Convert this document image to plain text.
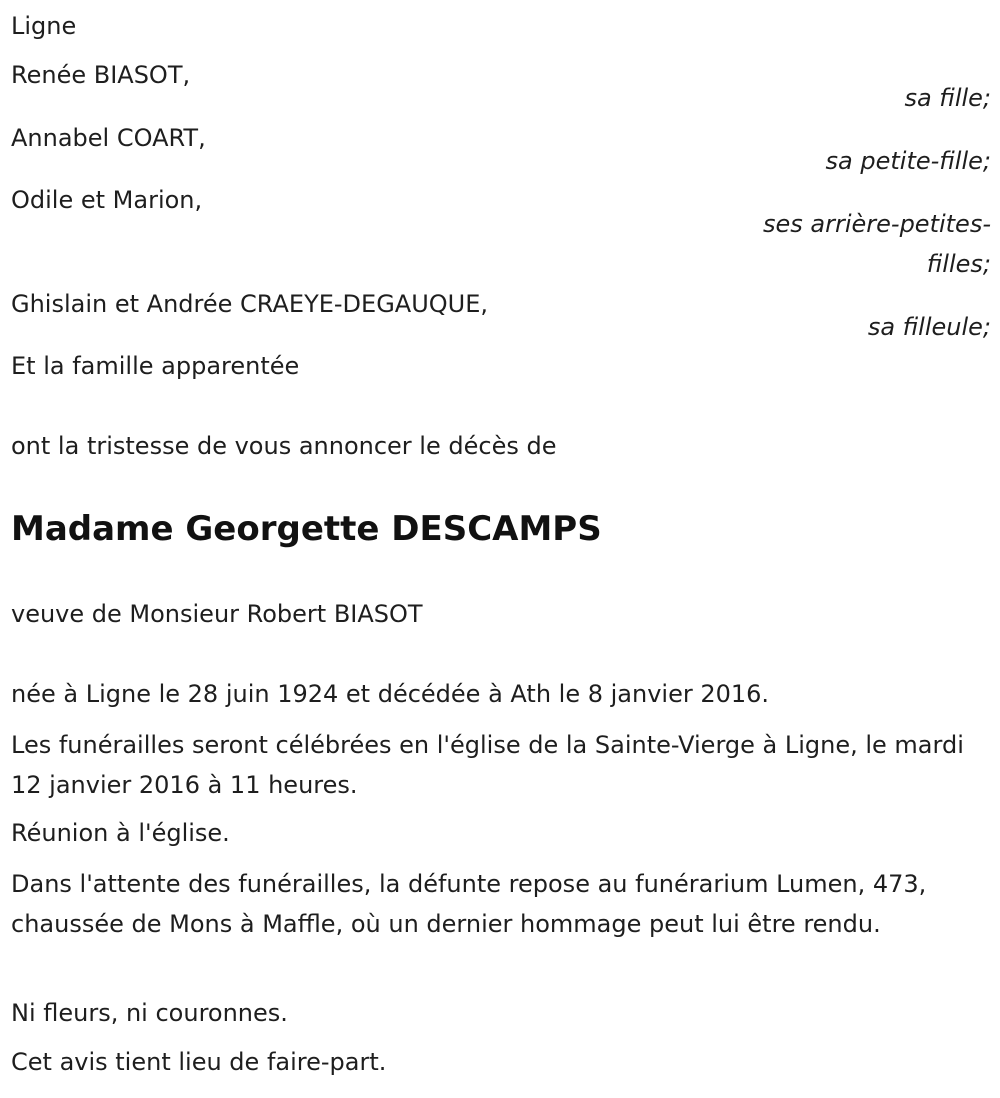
Ligne

Renée BIASOT,

sa fille;

Annabel COART,

sa petite-fille;

Odile et Marion,

ses arrière-petites-

filles;

Ghislain et Andrée CRAEYE-DEGAUQUE,

sa filleule;

Et la famille apparentée

ont la tristesse de vous annoncer le décès de

Madame Georgette DESCAMPS

veuve de Monsieur Robert BIASOT

née à Ligne le 28 juin 1924 et décédée à Ath le 8 janvier 2016.

Les funérailles seront célébrées en l'église de la Sainte-Vierge à Ligne, le mardi 12 janvier 2016 à 11 heures.

Réunion à l'église.

Dans l'attente des funérailles, la défunte repose au funérarium Lumen, 473, chaussée de Mons à Maffle, où un dernier hommage peut lui être rendu.

Ni fleurs, ni couronnes.

Cet avis tient lieu de faire-part.
